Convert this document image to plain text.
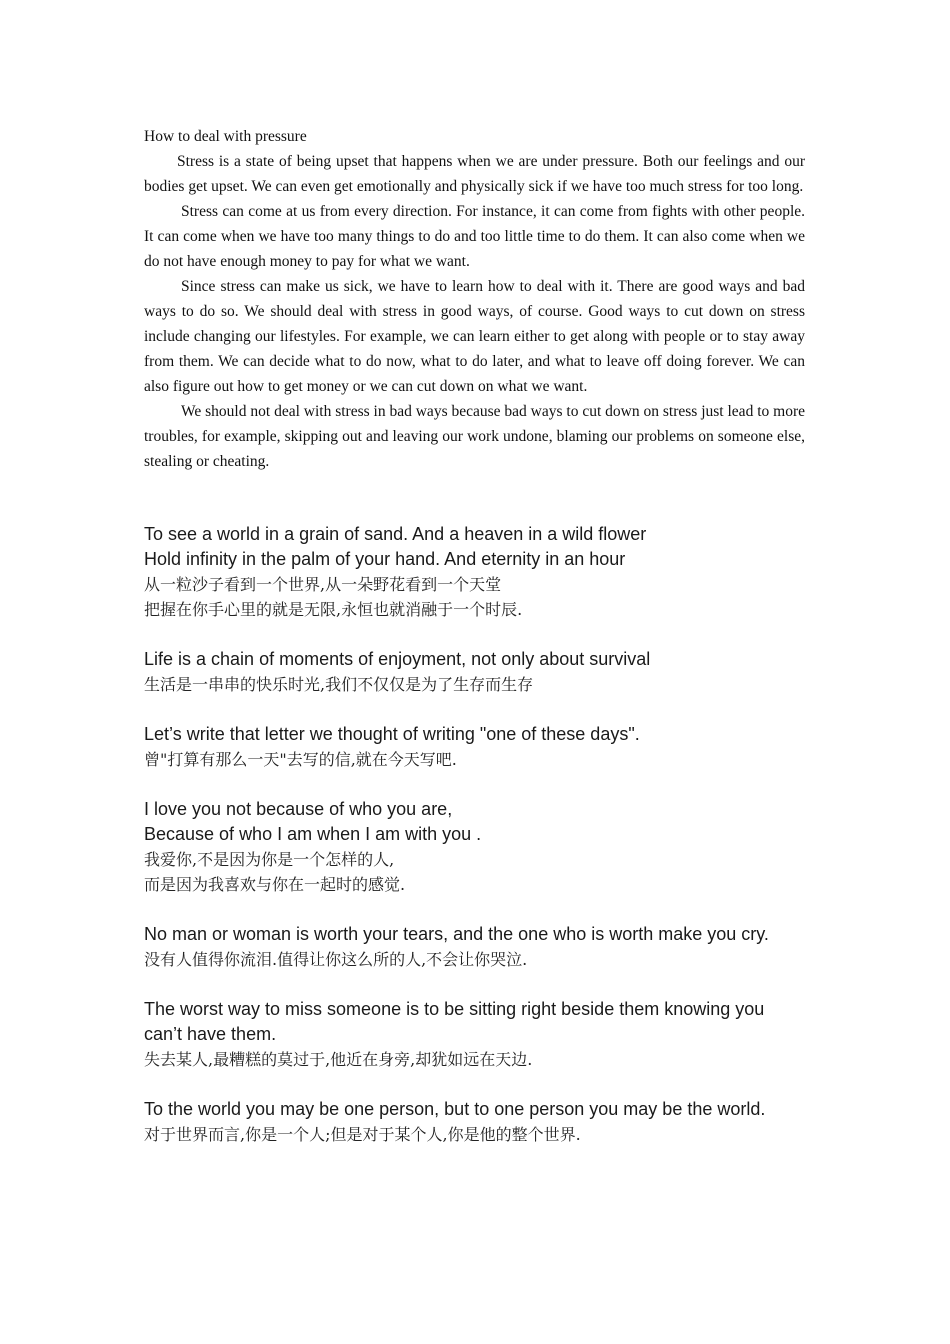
How to deal with pressure

Stress is a state of being upset that happens when we are under pressure. Both our feelings and our bodies get upset. We can even get emotionally and physically sick if we have too much stress for too long.

Stress can come at us from every direction. For instance, it can come from fights with other people. It can come when we have too many things to do and too little time to do them. It can also come when we do not have enough money to pay for what we want.

Since stress can make us sick, we have to learn how to deal with it. There are good ways and bad ways to do so. We should deal with stress in good ways, of course. Good ways to cut down on stress include changing our lifestyles. For example, we can learn either to get along with people or to stay away from them. We can decide what to do now, what to do later, and what to leave off doing forever. We can also figure out how to get money or we can cut down on what we want.

We should not deal with stress in bad ways because bad ways to cut down on stress just lead to more troubles, for example, skipping out and leaving our work undone, blaming our problems on someone else, stealing or cheating.

To see a world in a grain of sand. And a heaven in a wild flower

Hold infinity in the palm of your hand. And eternity in an hour

从一粒沙子看到一个世界,从一朵野花看到一个天堂

把握在你手心里的就是无限,永恒也就消融于一个时辰.

Life is a chain of moments of enjoyment, not only about survival

生活是一串串的快乐时光,我们不仅仅是为了生存而生存

Let’s write that letter we thought of writing "one of these days".

曾"打算有那么一天"去写的信,就在今天写吧.

I love you not because of who you are,

Because of who I am when I am with you .

我爱你,不是因为你是一个怎样的人,

而是因为我喜欢与你在一起时的感觉.

No man or woman is worth your tears, and the one who is worth make you cry.

没有人值得你流泪.值得让你这么所的人,不会让你哭泣.

The worst way to miss someone is to be sitting right beside them knowing you can’t have them.

失去某人,最糟糕的莫过于,他近在身旁,却犹如远在天边.

To the world you may be one person, but to one person you may be the world.

对于世界而言,你是一个人;但是对于某个人,你是他的整个世界.
